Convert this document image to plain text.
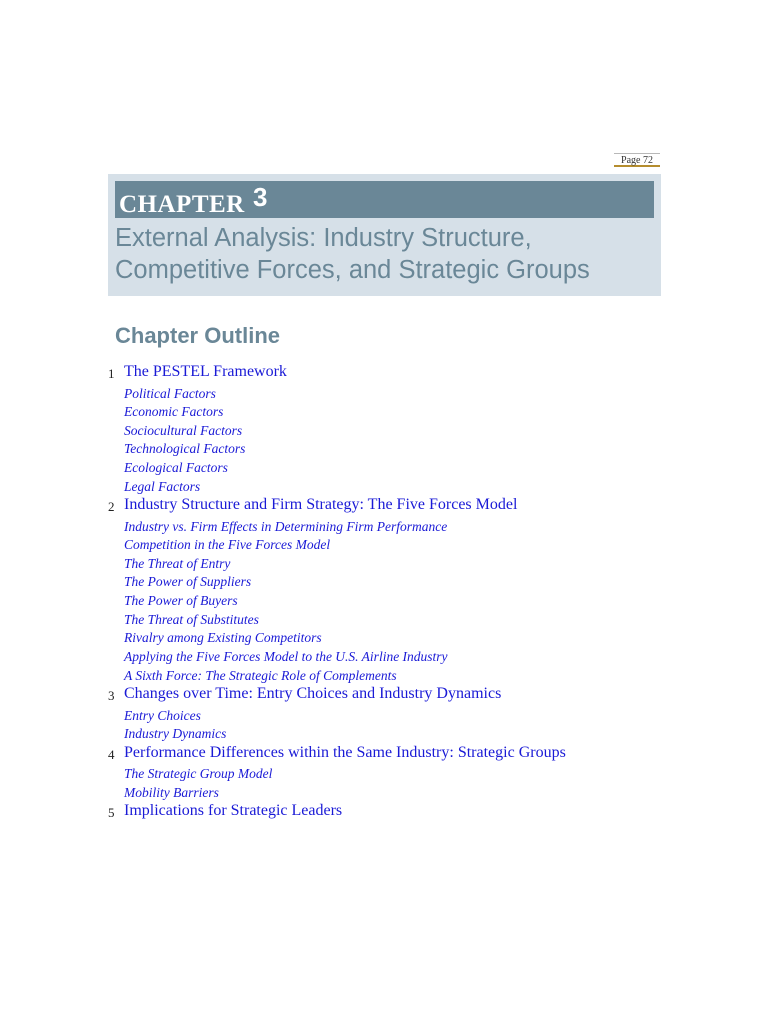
Page 72
CHAPTER 3
External Analysis: Industry Structure,
Competitive Forces, and Strategic Groups
Chapter Outline
1 The PESTEL Framework
Political Factors
Economic Factors
Sociocultural Factors
Technological Factors
Ecological Factors
Legal Factors
2 Industry Structure and Firm Strategy: The Five Forces Model
Industry vs. Firm Effects in Determining Firm Performance
Competition in the Five Forces Model
The Threat of Entry
The Power of Suppliers
The Power of Buyers
The Threat of Substitutes
Rivalry among Existing Competitors
Applying the Five Forces Model to the U.S. Airline Industry
A Sixth Force: The Strategic Role of Complements
3 Changes over Time: Entry Choices and Industry Dynamics
Entry Choices
Industry Dynamics
4 Performance Differences within the Same Industry: Strategic Groups
The Strategic Group Model
Mobility Barriers
5 Implications for Strategic Leaders
